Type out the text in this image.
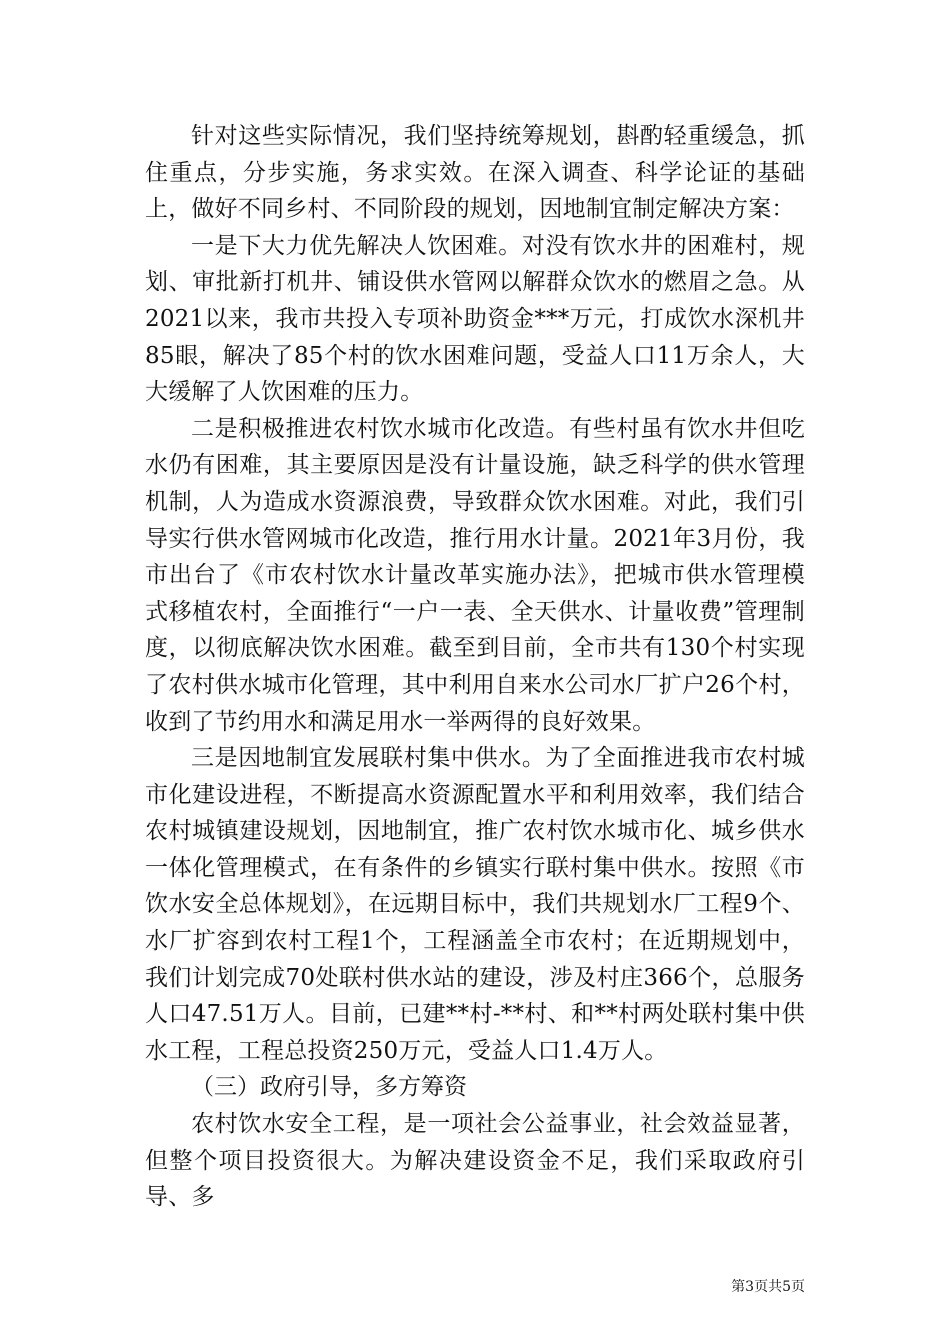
针对这些实际情况，我们坚持统筹规划，斟酌轻重缓急，抓住重点，分步实施，务求实效。在深入调查、科学论证的基础上，做好不同乡村、不同阶段的规划，因地制宜制定解决方案：

一是下大力优先解决人饮困难。对没有饮水井的困难村，规划、审批新打机井、铺设供水管网以解群众饮水的燃眉之急。从2021以来，我市共投入专项补助资金***万元，打成饮水深机井85眼，解决了85个村的饮水困难问题，受益人口11万余人，大大缓解了人饮困难的压力。

二是积极推进农村饮水城市化改造。有些村虽有饮水井但吃水仍有困难，其主要原因是没有计量设施，缺乏科学的供水管理机制，人为造成水资源浪费，导致群众饮水困难。对此，我们引导实行供水管网城市化改造，推行用水计量。2021年3月份，我市出台了《市农村饮水计量改革实施办法》，把城市供水管理模式移植农村，全面推行“一户一表、全天供水、计量收费”管理制度，以彻底解决饮水困难。截至到目前，全市共有130个村实现了农村供水城市化管理，其中利用自来水公司水厂扩户26个村，收到了节约用水和满足用水一举两得的良好效果。

三是因地制宜发展联村集中供水。为了全面推进我市农村城市化建设进程，不断提高水资源配置水平和利用效率，我们结合农村城镇建设规划，因地制宜，推广农村饮水城市化、城乡供水一体化管理模式，在有条件的乡镇实行联村集中供水。按照《市饮水安全总体规划》，在远期目标中，我们共规划水厂工程9个、水厂扩容到农村工程1个，工程涵盖全市农村；在近期规划中，我们计划完成70处联村供水站的建设，涉及村庄366个，总服务人口47.51万人。目前，已建**村-**村、和**村两处联村集中供水工程，工程总投资250万元，受益人口1.4万人。

（三）政府引导，多方筹资

农村饮水安全工程，是一项社会公益事业，社会效益显著，但整个项目投资很大。为解决建设资金不足，我们采取政府引导、多

第3页共5页
